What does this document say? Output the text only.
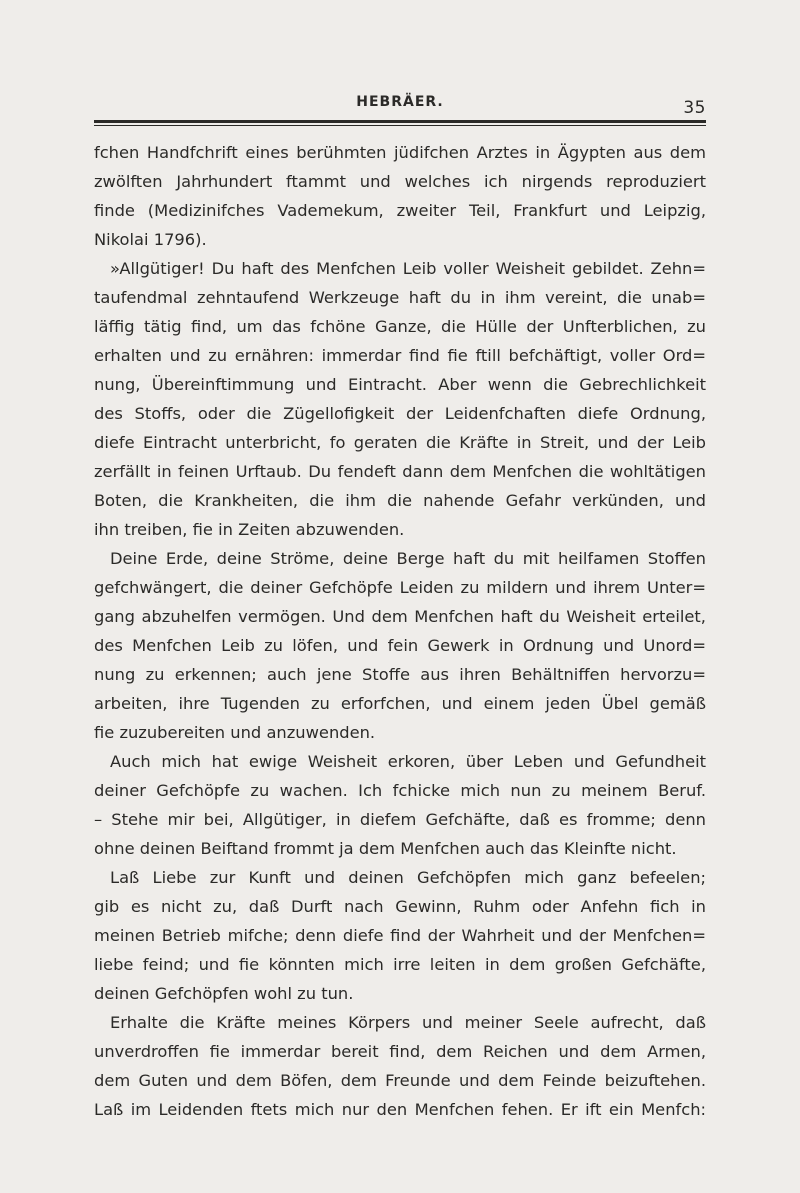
HEBRÄER.	35

fchen Handfchrift eines berühmten jüdifchen Arztes in Ägypten aus dem
zwölften Jahrhundert ftammt und welches ich nirgends reproduziert
finde (Medizinifches Vademekum, zweiter Teil, Frankfurt und Leipzig,
Nikolai 1796).
»Allgütiger! Du haft des Menfchen Leib voller Weisheit gebildet. Zehn=
taufendmal zehntaufend Werkzeuge haft du in ihm vereint, die unab=
läffig tätig find, um das fchöne Ganze, die Hülle der Unfterblichen, zu
erhalten und zu ernähren: immerdar find fie ftill befchäftigt, voller Ord=
nung, Übereinftimmung und Eintracht. Aber wenn die Gebrechlichkeit
des Stoffs, oder die Zügellofigkeit der Leidenfchaften diefe Ordnung,
diefe Eintracht unterbricht, fo geraten die Kräfte in Streit, und der Leib
zerfällt in feinen Urftaub. Du fendeft dann dem Menfchen die wohltätigen
Boten, die Krankheiten, die ihm die nahende Gefahr verkünden, und
ihn treiben, fie in Zeiten abzuwenden.
Deine Erde, deine Ströme, deine Berge haft du mit heilfamen Stoffen
gefchwängert, die deiner Gefchöpfe Leiden zu mildern und ihrem Unter=
gang abzuhelfen vermögen. Und dem Menfchen haft du Weisheit erteilet,
des Menfchen Leib zu löfen, und fein Gewerk in Ordnung und Unord=
nung zu erkennen; auch jene Stoffe aus ihren Behältniffen hervorzu=
arbeiten, ihre Tugenden zu erforfchen, und einem jeden Übel gemäß
fie zuzubereiten und anzuwenden.
Auch mich hat ewige Weisheit erkoren, über Leben und Gefundheit
deiner Gefchöpfe zu wachen. Ich fchicke mich nun zu meinem Beruf.
– Stehe mir bei, Allgütiger, in diefem Gefchäfte, daß es fromme; denn
ohne deinen Beiftand frommt ja dem Menfchen auch das Kleinfte nicht.
Laß Liebe zur Kunft und deinen Gefchöpfen mich ganz befeelen;
gib es nicht zu, daß Durft nach Gewinn, Ruhm oder Anfehn fich in
meinen Betrieb mifche; denn diefe find der Wahrheit und der Menfchen=
liebe feind; und fie könnten mich irre leiten in dem großen Gefchäfte,
deinen Gefchöpfen wohl zu tun.
Erhalte die Kräfte meines Körpers und meiner Seele aufrecht, daß
unverdroffen fie immerdar bereit find, dem Reichen und dem Armen,
dem Guten und dem Böfen, dem Freunde und dem Feinde beizuftehen.
Laß im Leidenden ftets mich nur den Menfchen fehen. Er ift ein Menfch:
